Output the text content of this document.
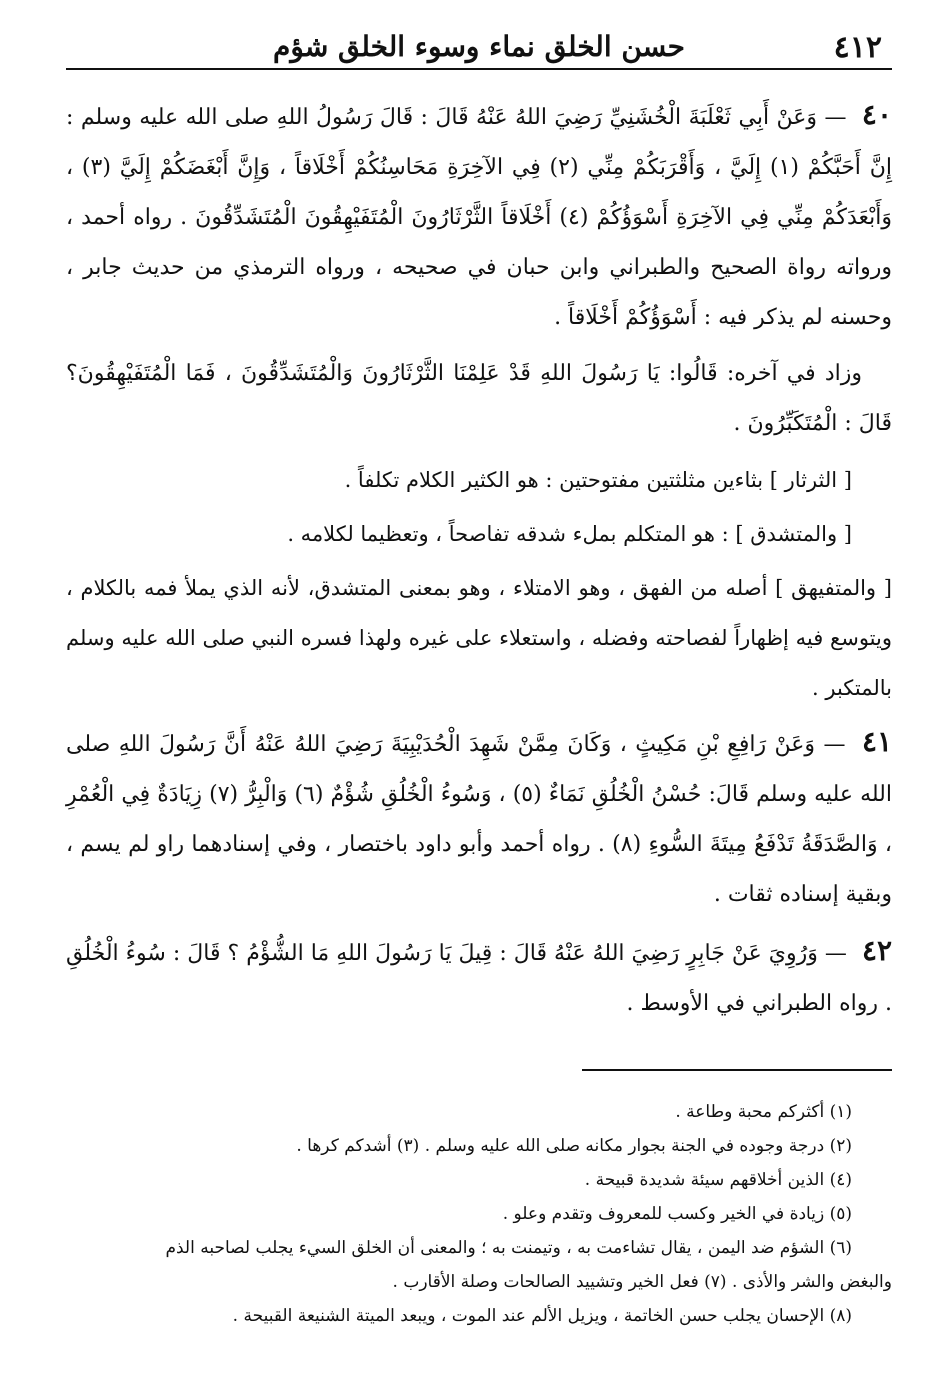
٤١٢
حسن الخلق نماء وسوء الخلق شؤم

٤٠ — وَعَنْ أَبِي ثَعْلَبَةَ الْخُشَنِيِّ رَضِيَ اللهُ عَنْهُ قَالَ : قَالَ رَسُولُ اللهِ صلى الله عليه وسلم : إِنَّ أَحَبَّكُمْ (١) إِلَيَّ ، وَأَقْرَبَكُمْ مِنِّي (٢) فِي الآخِرَةِ مَحَاسِنُكُمْ أَخْلَاقاً ، وَإِنَّ أَبْغَضَكُمْ إِلَيَّ (٣) ، وَأَبْعَدَكُمْ مِنِّي فِي الآخِرَةِ أَسْوَؤُكُمْ (٤) أَخْلَاقاً الثَّرْثَارُونَ الْمُتَفَيْهِقُونَ الْمُتَشَدِّقُونَ . رواه أحمد ، ورواته رواة الصحيح والطبراني وابن حبان في صحيحه ، ورواه الترمذي من حديث جابر ، وحسنه لم يذكر فيه : أَسْوَؤُكُمْ أَخْلَاقاً .

وزاد في آخره: قَالُوا: يَا رَسُولَ اللهِ قَدْ عَلِمْنَا الثَّرْثَارُونَ وَالْمُتَشَدِّقُونَ ، فَمَا الْمُتَفَيْهِقُونَ؟ قَالَ : الْمُتَكَبِّرُونَ .

[ الثرثار ] بثاءين مثلثتين مفتوحتين : هو الكثير الكلام تكلفاً .

[ والمتشدق ] : هو المتكلم بملء شدقه تفاصحاً ، وتعظيما لكلامه .

[ والمتفيهق ] أصله من الفهق ، وهو الامتلاء ، وهو بمعنى المتشدق، لأنه الذي يملأ فمه بالكلام ، ويتوسع فيه إظهاراً لفصاحته وفضله ، واستعلاء على غيره ولهذا فسره النبي صلى الله عليه وسلم بالمتكبر .

٤١ — وَعَنْ رَافِعِ بْنِ مَكِيثٍ ، وَكَانَ مِمَّنْ شَهِدَ الْحُدَيْبِيَةَ رَضِيَ اللهُ عَنْهُ أَنَّ رَسُولَ اللهِ صلى الله عليه وسلم قَالَ: حُسْنُ الْخُلُقِ نَمَاءٌ (٥) ، وَسُوءُ الْخُلُقِ شُؤْمٌ (٦) وَالْبِرُّ (٧) زِيَادَةٌ فِي الْعُمْرِ ، وَالصَّدَقَةُ تَدْفَعُ مِيتَةَ السُّوءِ (٨) . رواه أحمد وأبو داود باختصار ، وفي إسنادهما راو لم يسم ، وبقية إسناده ثقات .

٤٢ — وَرُوِيَ عَنْ جَابِرٍ رَضِيَ اللهُ عَنْهُ قَالَ : قِيلَ يَا رَسُولَ اللهِ مَا الشُّؤْمُ ؟ قَالَ : سُوءُ الْخُلُقِ . رواه الطبراني في الأوسط .

(١) أكثركم محبة وطاعة .

(٢) درجة وجوده في الجنة بجوار مكانه صلى الله عليه وسلم . (٣) أشدكم كرها .

(٤) الذين أخلاقهم سيئة شديدة قبيحة .

(٥) زيادة في الخير وكسب للمعروف وتقدم وعلو .

(٦) الشؤم ضد اليمن ، يقال تشاءمت به ، وتيمنت به ؛ والمعنى أن الخلق السيء يجلب لصاحبه الذم

والبغض والشر والأذى . (٧) فعل الخير وتشييد الصالحات وصلة الأقارب .

(٨) الإحسان يجلب حسن الخاتمة ، ويزيل الألم عند الموت ، ويبعد الميتة الشنيعة القبيحة .
